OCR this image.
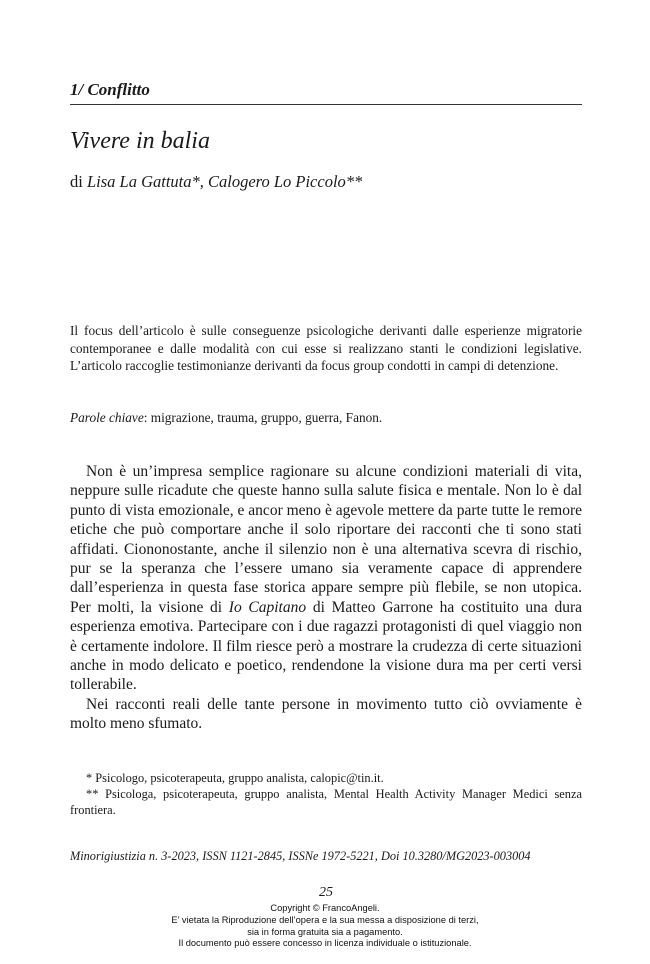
1/ Conflitto
Vivere in balia
di Lisa La Gattuta*, Calogero Lo Piccolo**

Il focus dell’articolo è sulle conseguenze psicologiche derivanti dalle esperienze migratorie contemporanee e dalle modalità con cui esse si realizzano stanti le condizioni legislative. L’articolo raccoglie testimonianze derivanti da focus group condotti in campi di detenzione.

Parole chiave: migrazione, trauma, gruppo, guerra, Fanon.

Non è un’impresa semplice ragionare su alcune condizioni materiali di vita, neppure sulle ricadute che queste hanno sulla salute fisica e mentale. Non lo è dal punto di vista emozionale, e ancor meno è agevole mettere da parte tutte le remore etiche che può comportare anche il solo riportare dei racconti che ti sono stati affidati. Ciononostante, anche il silenzio non è una alternativa scevra di rischio, pur se la speranza che l’essere umano sia veramente capace di apprendere dall’esperienza in questa fase storica appare sempre più flebile, se non utopica. Per molti, la visione di Io Capitano di Matteo Garrone ha costituito una dura esperienza emotiva. Partecipare con i due ragazzi protagonisti di quel viaggio non è certamente indolore. Il film riesce però a mostrare la crudezza di certe situazioni anche in modo delicato e poetico, rendendone la visione dura ma per certi versi tollerabile.

Nei racconti reali delle tante persone in movimento tutto ciò ovviamente è molto meno sfumato.

* Psicologo, psicoterapeuta, gruppo analista, calopic@tin.it.

** Psicologa, psicoterapeuta, gruppo analista, Mental Health Activity Manager Medici senza frontiera.

Minorigiustizia n. 3-2023, ISSN 1121-2845, ISSNe 1972-5221, Doi 10.3280/MG2023-003004
25
Copyright © FrancoAngeli.
E’ vietata la Riproduzione dell’opera e la sua messa a disposizione di terzi,
sia in forma gratuita sia a pagamento.
Il documento può essere concesso in licenza individuale o istituzionale.
